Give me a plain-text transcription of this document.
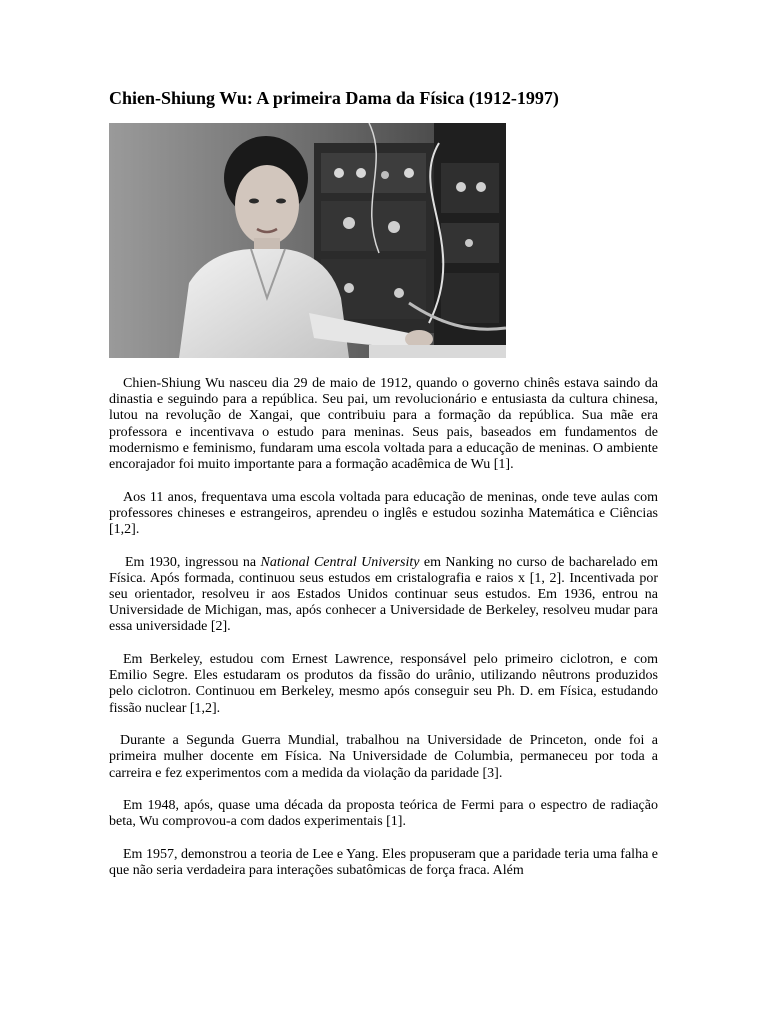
Chien-Shiung Wu: A primeira Dama da Física (1912-1997)

Chien-Shiung Wu nasceu dia 29 de maio de 1912, quando o governo chinês estava saindo da dinastia e seguindo para a república. Seu pai, um revolucionário e entusiasta da cultura chinesa, lutou na revolução de Xangai, que contribuiu para a formação da república. Sua mãe era professora e incentivava o estudo para meninas. Seus pais, baseados em fundamentos de modernismo e feminismo, fundaram uma escola voltada para a educação de meninas. O ambiente encorajador foi muito importante para a formação acadêmica de Wu [1].

Aos 11 anos, frequentava uma escola voltada para educação de meninas, onde teve aulas com professores chineses e estrangeiros, aprendeu o inglês e estudou sozinha Matemática e Ciências [1,2].

Em 1930, ingressou na National Central University em Nanking no curso de bacharelado em Física. Após formada, continuou seus estudos em cristalografia e raios x [1, 2]. Incentivada por seu orientador, resolveu ir aos Estados Unidos continuar seus estudos. Em 1936, entrou na Universidade de Michigan, mas, após conhecer a Universidade de Berkeley, resolveu mudar para essa universidade [2].

Em Berkeley, estudou com Ernest Lawrence, responsável pelo primeiro ciclotron, e com Emilio Segre. Eles estudaram os produtos da fissão do urânio, utilizando nêutrons produzidos pelo ciclotron. Continuou em Berkeley, mesmo após conseguir seu Ph. D. em Física, estudando fissão nuclear [1,2].

Durante a Segunda Guerra Mundial, trabalhou na Universidade de Princeton, onde foi a primeira mulher docente em Física. Na Universidade de Columbia, permaneceu por toda a carreira e fez experimentos com a medida da violação da paridade [3].

Em 1948, após, quase uma década da proposta teórica de Fermi para o espectro de radiação beta, Wu comprovou-a com dados experimentais [1].

Em 1957, demonstrou a teoria de Lee e Yang. Eles propuseram que a paridade teria uma falha e que não seria verdadeira para interações subatômicas de força fraca. Além
